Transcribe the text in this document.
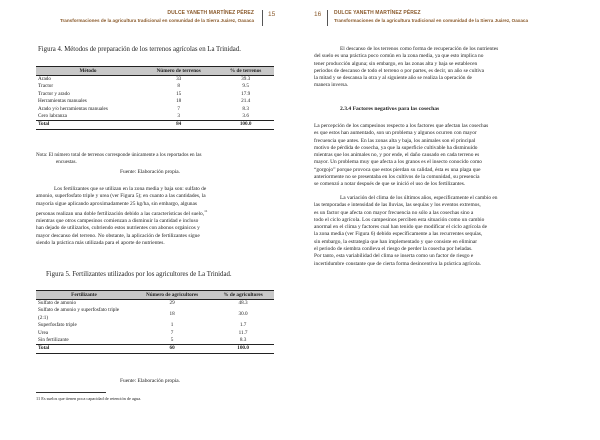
DULCE YANETH MARTÍNEZ PÉREZ
Transformaciones de la agricultura tradicional en comunidad de la Sierra Juárez, Oaxaca
15
Figura 4. Métodos de preparación de los terrenos agrícolas en La Trinidad.
Método	Número de terrenos	% de terrenos
Arado	33	39.3
Tractor	8	9.5
Tractor y arado	15	17.9
Herramientas manuales	18	21.4
Arado y/o herramientas manuales	7	8.3
Cero labranza	3	3.6
Total	84	100.0
Nota: El número total de terrenos corresponde únicamente a los reportados en las
encuestas.
Fuente: Elaboración propia.
Los fertilizantes que se utilizan en la zona media y baja son: sulfato de
amonio, superfosfato triple y urea (ver Figura 5); en cuanto a las cantidades, la
mayoría sigue aplicando aproximadamente 25 kg/ha, sin embargo, algunas
personas realizan una doble fertilización debido a las características del suelo,$^{11}$
mientras que otros campesinos comienzan a disminuir la cantidad e incluso
han dejado de utilizarlos, cubriendo estos nutrientes con abonos orgánicos y
mayor descanso del terreno. No obstante, la aplicación de fertilizantes sigue
siendo la práctica más utilizada para el aporte de nutrientes.
Figura 5. Fertilizantes utilizados por los agricultores de La Trinidad.
Fertilizante	Número de agricultores	% de agricultores
Sulfato de amonio	29	48.3
Sulfato de amonio y superfosfato triple (2:1)	18	30.0
Superfosfato triple	1	1.7
Urea	7	11.7
Sin fertilizante	5	8.3
Total	60	100.0
Fuente: Elaboración propia.
11 Es suelos que tienen poca capacidad de retención de agua.
16	DULCE YANETH MARTÍNEZ PÉREZ
Transformaciones de la agricultura tradicional en comunidad de la Sierra Juárez, Oaxaca
El descanso de los terrenos como forma de recuperación de los nutrientes
del suelo es una práctica poco común en la zona media, ya que esto implica no
tener producción alguna; sin embargo, en las zonas alta y baja se establecen
periodos de descanso de todo el terreno o por partes, es decir, un año se cultiva
la mitad y se descansa la otra y al siguiente año se realiza la operación de
manera inversa.
2.3.4 Factores negativos para las cosechas
La percepción de los campesinos respecto a los factores que afectan las cosechas
es que estos han aumentado, son un problema y algunos ocurren con mayor
frecuencia que antes. En las zonas alta y baja, los animales son el principal
motivo de pérdida de cosecha, ya que la superficie cultivable ha disminuido
mientras que los animales no, y por ende, el daño causado en cada terreno es
mayor. Un problema muy que afecta a los granos es el insecto conocido como
“gorgojo” porque provoca que estos pierdan su calidad, ésta es una plaga que
anteriormente no se presentaba en los cultivos de la comunidad, su presencia
se comenzó a notar después de que se inició el uso de los fertilizantes.
La variación del clima de los últimos años, específicamente el cambio en
las temporadas e intensidad de las lluvias, las sequías y los eventos extremos,
es un factor que afecta con mayor frecuencia no sólo a las cosechas sino a
todo el ciclo agrícola. Los campesinos perciben esta situación como un cambio
anormal en el clima y factores cual han tenido que modificar el ciclo agrícola de
la zona media (ver Figura 6) debido específicamente a las recurrentes sequías,
sin embargo, la estrategia que han implementado y que consiste en eliminar
el periodo de siembra conlleva el riesgo de perder la cosecha por heladas.
Por tanto, esta variabilidad del clima se inserta como un factor de riesgo e
incertidumbre constante que de cierta forma desincentiva la práctica agrícola.
